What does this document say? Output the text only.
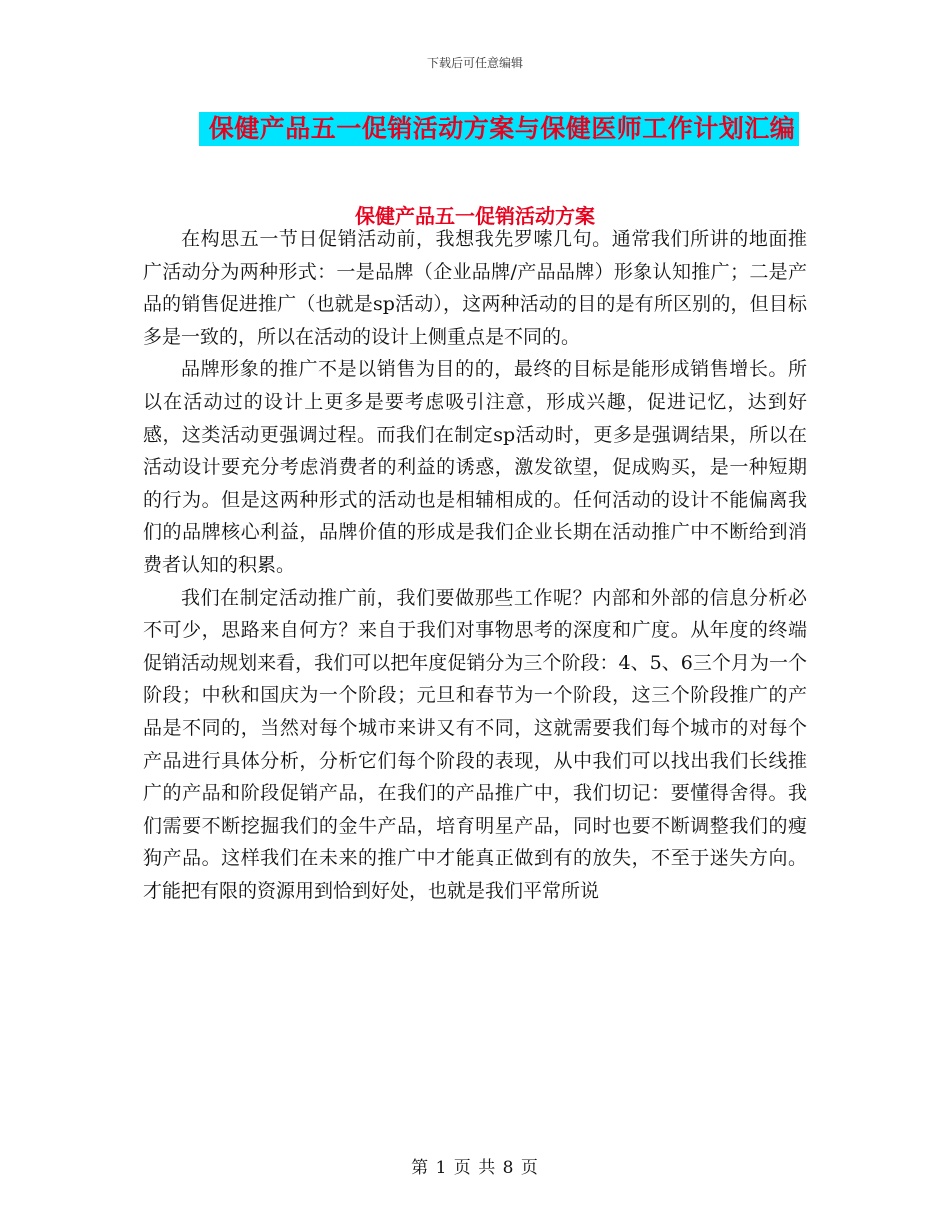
下载后可任意编辑
保健产品五一促销活动方案与保健医师工作计划汇编
保健产品五一促销活动方案

在构思五一节日促销活动前，我想我先罗嗦几句。通常我们所讲的地面推广活动分为两种形式：一是品牌（企业品牌/产品品牌）形象认知推广；二是产品的销售促进推广（也就是sp活动），这两种活动的目的是有所区别的，但目标多是一致的，所以在活动的设计上侧重点是不同的。

品牌形象的推广不是以销售为目的的，最终的目标是能形成销售增长。所以在活动过的设计上更多是要考虑吸引注意，形成兴趣，促进记忆，达到好感，这类活动更强调过程。而我们在制定sp活动时，更多是强调结果，所以在活动设计要充分考虑消费者的利益的诱惑，激发欲望，促成购买，是一种短期的行为。但是这两种形式的活动也是相辅相成的。任何活动的设计不能偏离我们的品牌核心利益，品牌价值的形成是我们企业长期在活动推广中不断给到消费者认知的积累。

我们在制定活动推广前，我们要做那些工作呢？内部和外部的信息分析必不可少，思路来自何方？来自于我们对事物思考的深度和广度。从年度的终端促销活动规划来看，我们可以把年度促销分为三个阶段：4、5、6三个月为一个阶段；中秋和国庆为一个阶段；元旦和春节为一个阶段，这三个阶段推广的产品是不同的，当然对每个城市来讲又有不同，这就需要我们每个城市的对每个产品进行具体分析，分析它们每个阶段的表现，从中我们可以找出我们长线推广的产品和阶段促销产品，在我们的产品推广中，我们切记：要懂得舍得。我们需要不断挖掘我们的金牛产品，培育明星产品，同时也要不断调整我们的瘦狗产品。这样我们在未来的推广中才能真正做到有的放失，不至于迷失方向。才能把有限的资源用到恰到好处，也就是我们平常所说

第 1 页 共 8 页
